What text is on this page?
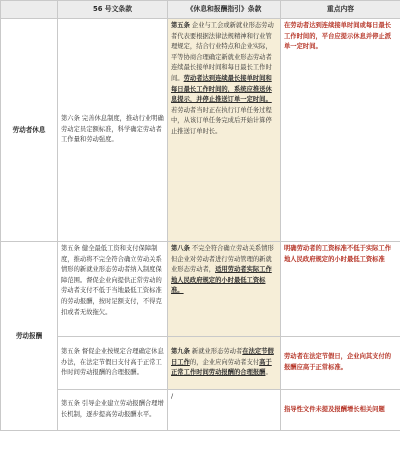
	56 号文条款	《休息和报酬指引》条款	重点内容
劳动者休息	第六条 完善休息制度，推动行业明确劳动定员定额标准，科学确定劳动者工作量和劳动强度。	第五条 企业与工会或新就业形态劳动者代表要根据法律法规精神和行业管理规定，结合行业特点和企业实际，平等协商合理确定新就业形态劳动者连续最长接单时间和每日最长工作时间。劳动者达到连续最长接单时间和每日最长工作时间的，系统应推送休息提示，并停止推送订单一定时间。若劳动者当时正在执行订单任务过程中，从该订单任务完成后开始计算停止推送订单时长。	在劳动者达到连续接单时间或每日最长工作时间的，平台应提示休息并停止派单一定时间。
劳动报酬	第五条 健全最低工资和支付保障制度，推动将不完全符合确立劳动关系情形的新就业形态劳动者纳入制度保障范围。督促企业向提供正常劳动的劳动者支付不低于当地最低工资标准的劳动报酬，按时足额支付，不得克扣或者无故拖欠。	第八条 不完全符合确立劳动关系情形但企业对劳动者进行劳动管理的新就业形态劳动者，适用劳动者实际工作地人民政府规定的小时最低工资标准。	明确劳动者的工资标准不低于实际工作地人民政府规定的小时最低工资标准
	第五条 督促企业按规定合理确定休息办法，在法定节假日支付高于正常工作时间劳动报酬的合理报酬。	第九条 新就业形态劳动者在法定节假日工作的，企业应向劳动者支付高于正常工作时间劳动报酬的合理报酬。	劳动者在法定节假日，企业向其支付的报酬应高于正常标准。
	第五条 引导企业建立劳动报酬合理增长机制，逐步提高劳动报酬水平。	/	指导性文件未提及报酬增长相关问题
